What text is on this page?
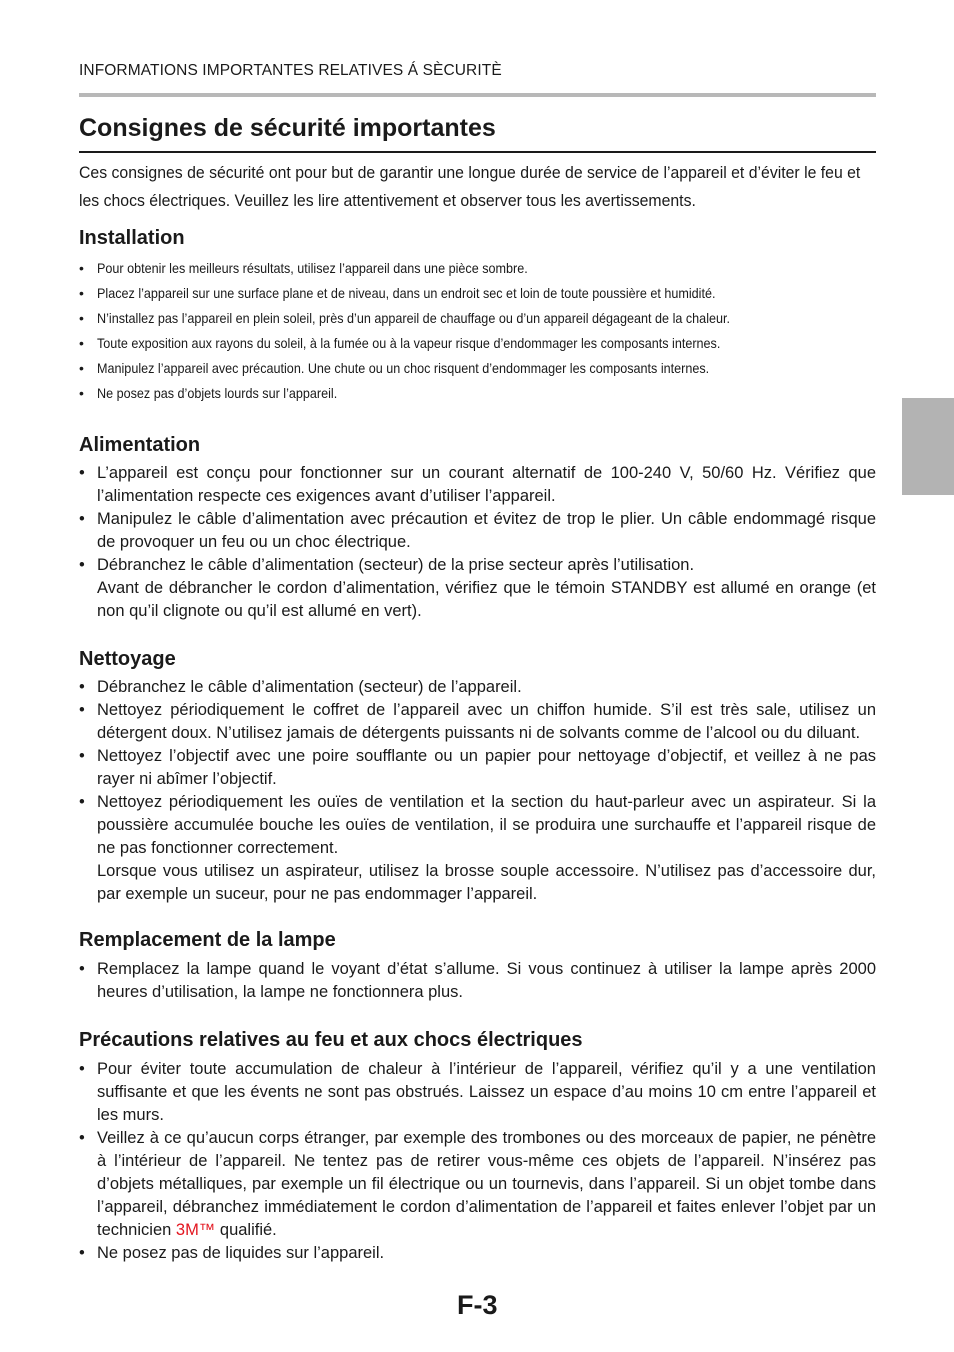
INFORMATIONS IMPORTANTES RELATIVES Á SÈCURITÈ
Consignes de sécurité importantes

Ces consignes de sécurité ont pour but de garantir une longue durée de service de l’appareil et d’éviter le feu et les chocs électriques. Veuillez les lire attentivement et observer tous les avertissements.

Installation
• Pour obtenir les meilleurs résultats, utilisez l’appareil dans une pièce sombre.
• Placez l’appareil sur une surface plane et de niveau, dans un endroit sec et loin de toute poussière et humidité.
• N’installez pas l’appareil en plein soleil, près d’un appareil de chauffage ou d’un appareil dégageant de la chaleur.
• Toute exposition aux rayons du soleil, à la fumée ou à la vapeur risque d’endommager les composants internes.
• Manipulez l’appareil avec précaution. Une chute ou un choc risquent d’endommager les composants internes.
• Ne posez pas d’objets lourds sur l’appareil.
Alimentation
• L’appareil est conçu pour fonctionner sur un courant alternatif de 100-240 V, 50/60 Hz. Vérifiez que l’alimentation respecte ces exigences avant d’utiliser l’appareil.
• Manipulez le câble d’alimentation avec précaution et évitez de trop le plier. Un câble endommagé risque de provoquer un feu ou un choc électrique.
• Débranchez le câble d’alimentation (secteur) de la prise secteur après l’utilisation.
Avant de débrancher le cordon d’alimentation, vérifiez que le témoin STANDBY est allumé en orange (et non qu’il clignote ou qu’il est allumé en vert).
Nettoyage
• Débranchez le câble d’alimentation (secteur) de l’appareil.
• Nettoyez périodiquement le coffret de l’appareil avec un chiffon humide. S’il est très sale, utilisez un détergent doux. N’utilisez jamais de détergents puissants ni de solvants comme de l’alcool ou du diluant.
• Nettoyez l’objectif avec une poire soufflante ou un papier pour nettoyage d’objectif, et veillez à ne pas rayer ni abîmer l’objectif.
• Nettoyez périodiquement les ouïes de ventilation et la section du haut-parleur avec un aspirateur. Si la poussière accumulée bouche les ouïes de ventilation, il se produira une surchauffe et l’appareil risque de ne pas fonctionner correctement.
Lorsque vous utilisez un aspirateur, utilisez la brosse souple accessoire. N’utilisez pas d’accessoire dur, par exemple un suceur, pour ne pas endommager l’appareil.
Remplacement de la lampe
• Remplacez la lampe quand le voyant d’état s’allume. Si vous continuez à utiliser la lampe après 2000 heures d’utilisation, la lampe ne fonctionnera plus.
Précautions relatives au feu et aux chocs électriques
• Pour éviter toute accumulation de chaleur à l’intérieur de l’appareil, vérifiez qu’il y a une ventilation suffisante et que les évents ne sont pas obstrués. Laissez un espace d’au moins 10 cm entre l’appareil et les murs.
• Veillez à ce qu’aucun corps étranger, par exemple des trombones ou des morceaux de papier, ne pénètre à l’intérieur de l’appareil. Ne tentez pas de retirer vous-même ces objets de l’appareil. N’insérez pas d’objets métalliques, par exemple un fil électrique ou un tournevis, dans l’appareil. Si un objet tombe dans l’appareil, débranchez immédiatement le cordon d’alimentation de l’appareil et faites enlever l’objet par un technicien 3M™ qualifié.
• Ne posez pas de liquides sur l’appareil.
F-3
